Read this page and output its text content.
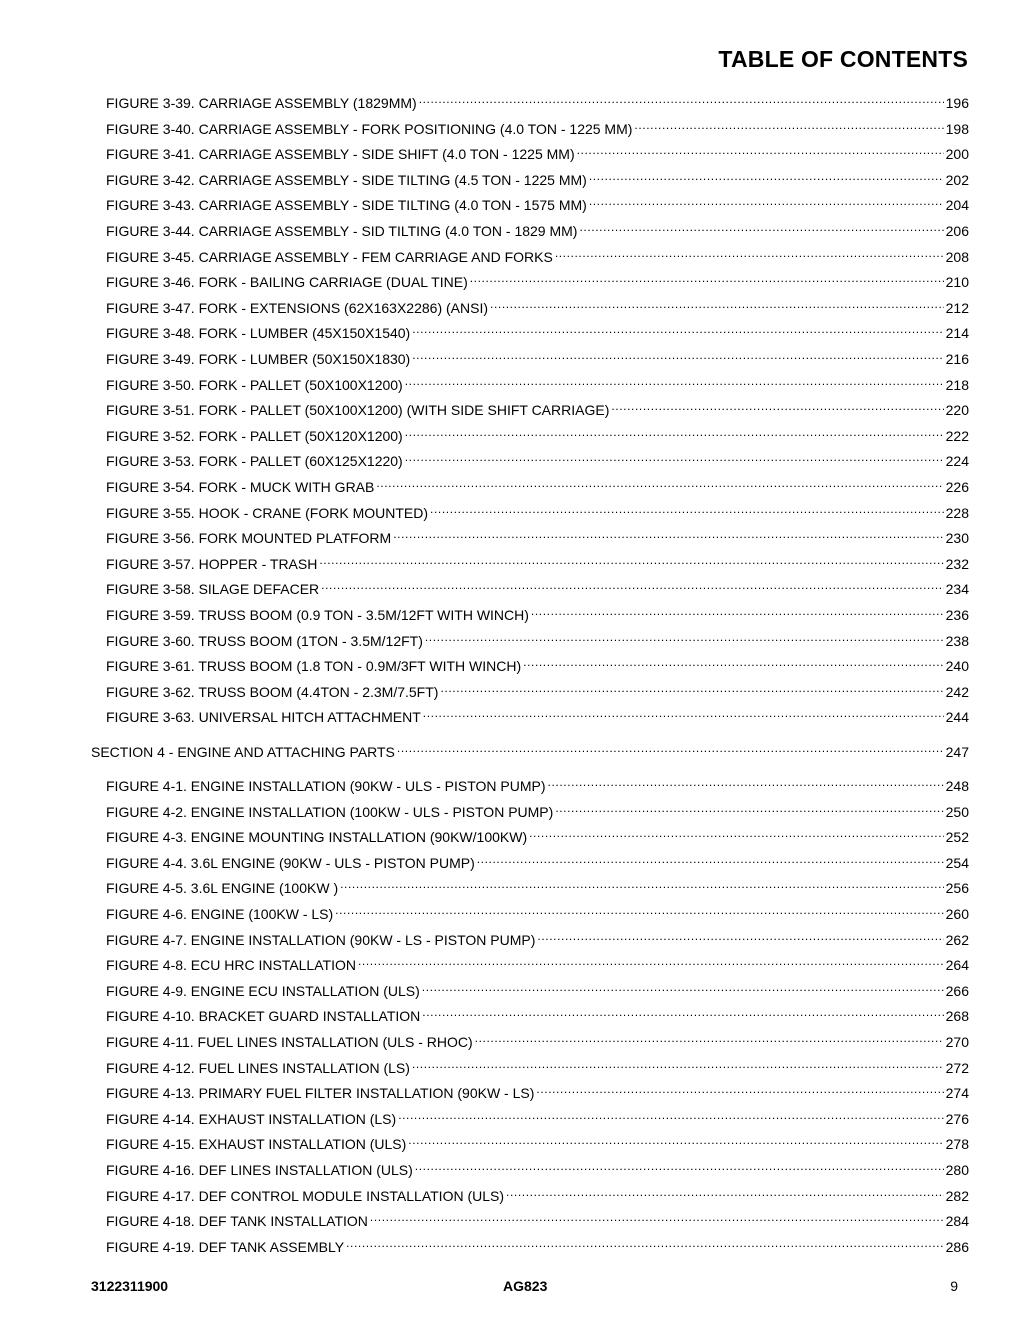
TABLE OF CONTENTS
FIGURE 3-39. CARRIAGE ASSEMBLY (1829MM) .....	196
FIGURE 3-40. CARRIAGE ASSEMBLY - FORK POSITIONING (4.0 TON - 1225 MM) .....	198
FIGURE 3-41. CARRIAGE ASSEMBLY - SIDE SHIFT (4.0 TON - 1225 MM) .....	200
FIGURE 3-42. CARRIAGE ASSEMBLY - SIDE TILTING (4.5 TON - 1225 MM) .....	202
FIGURE 3-43. CARRIAGE ASSEMBLY - SIDE TILTING (4.0 TON - 1575 MM) .....	204
FIGURE 3-44. CARRIAGE ASSEMBLY - SID TILTING (4.0 TON - 1829 MM) .....	206
FIGURE 3-45. CARRIAGE ASSEMBLY - FEM CARRIAGE AND FORKS .....	208
FIGURE 3-46. FORK - BAILING CARRIAGE (DUAL TINE) .....	210
FIGURE 3-47. FORK - EXTENSIONS (62X163X2286) (ANSI) .....	212
FIGURE 3-48. FORK - LUMBER (45X150X1540) .....	214
FIGURE 3-49. FORK - LUMBER (50X150X1830) .....	216
FIGURE 3-50. FORK - PALLET (50X100X1200) .....	218
FIGURE 3-51. FORK - PALLET (50X100X1200) (WITH SIDE SHIFT CARRIAGE) .....	220
FIGURE 3-52. FORK - PALLET (50X120X1200) .....	222
FIGURE 3-53. FORK - PALLET (60X125X1220) .....	224
FIGURE 3-54. FORK - MUCK WITH GRAB .....	226
FIGURE 3-55. HOOK - CRANE (FORK MOUNTED) .....	228
FIGURE 3-56. FORK MOUNTED PLATFORM .....	230
FIGURE 3-57. HOPPER - TRASH .....	232
FIGURE 3-58. SILAGE DEFACER .....	234
FIGURE 3-59. TRUSS BOOM (0.9 TON - 3.5M/12FT WITH WINCH) .....	236
FIGURE 3-60. TRUSS BOOM (1TON - 3.5M/12FT) .....	238
FIGURE 3-61. TRUSS BOOM (1.8 TON - 0.9M/3FT WITH WINCH) .....	240
FIGURE 3-62. TRUSS BOOM (4.4TON - 2.3M/7.5FT) .....	242
FIGURE 3-63. UNIVERSAL HITCH ATTACHMENT .....	244
SECTION 4 - ENGINE AND ATTACHING PARTS .....	247
FIGURE 4-1. ENGINE INSTALLATION (90KW - ULS - PISTON PUMP) .....	248
FIGURE 4-2. ENGINE INSTALLATION (100KW - ULS - PISTON PUMP) .....	250
FIGURE 4-3. ENGINE MOUNTING INSTALLATION (90KW/100KW) .....	252
FIGURE 4-4. 3.6L ENGINE (90KW - ULS - PISTON PUMP) .....	254
FIGURE 4-5. 3.6L ENGINE (100KW ) .....	256
FIGURE 4-6. ENGINE (100KW - LS) .....	260
FIGURE 4-7. ENGINE INSTALLATION (90KW - LS - PISTON PUMP) .....	262
FIGURE 4-8. ECU HRC INSTALLATION .....	264
FIGURE 4-9. ENGINE ECU INSTALLATION (ULS) .....	266
FIGURE 4-10. BRACKET GUARD INSTALLATION .....	268
FIGURE 4-11. FUEL LINES INSTALLATION (ULS - RHOC) .....	270
FIGURE 4-12. FUEL LINES INSTALLATION (LS) .....	272
FIGURE 4-13. PRIMARY FUEL FILTER INSTALLATION (90KW - LS) .....	274
FIGURE 4-14. EXHAUST INSTALLATION (LS) .....	276
FIGURE 4-15. EXHAUST INSTALLATION (ULS) .....	278
FIGURE 4-16. DEF LINES INSTALLATION (ULS) .....	280
FIGURE 4-17. DEF CONTROL MODULE INSTALLATION (ULS) .....	282
FIGURE 4-18. DEF TANK INSTALLATION .....	284
FIGURE 4-19. DEF TANK ASSEMBLY .....	286
3122311900	AG823	9
